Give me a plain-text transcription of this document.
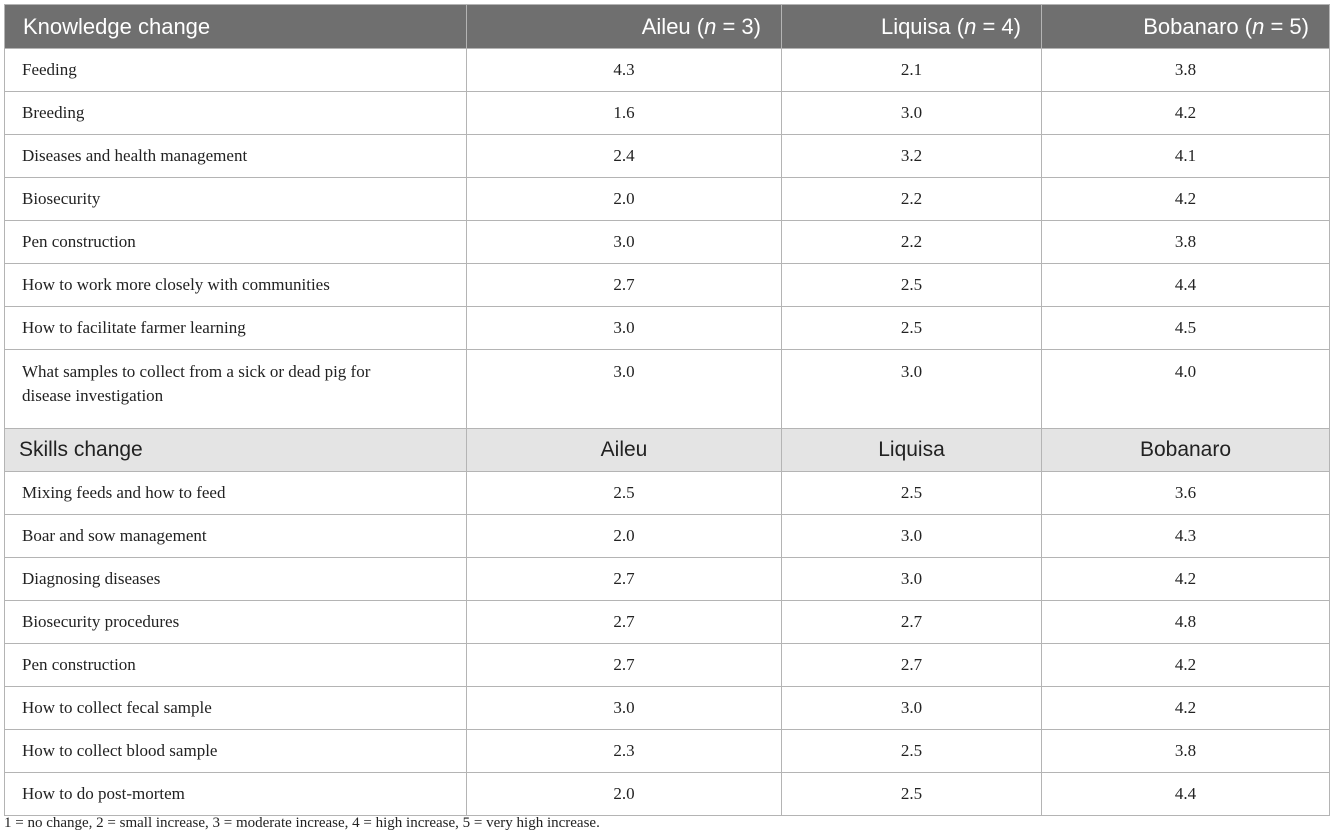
Knowledge change	Aileu (n = 3)	Liquisa (n = 4)	Bobanaro (n = 5)
Feeding	4.3	2.1	3.8
Breeding	1.6	3.0	4.2
Diseases and health management	2.4	3.2	4.1
Biosecurity	2.0	2.2	4.2
Pen construction	3.0	2.2	3.8
How to work more closely with communities	2.7	2.5	4.4
How to facilitate farmer learning	3.0	2.5	4.5
What samples to collect from a sick or dead pig for disease investigation	3.0	3.0	4.0
Skills change	Aileu	Liquisa	Bobanaro
Mixing feeds and how to feed	2.5	2.5	3.6
Boar and sow management	2.0	3.0	4.3
Diagnosing diseases	2.7	3.0	4.2
Biosecurity procedures	2.7	2.7	4.8
Pen construction	2.7	2.7	4.2
How to collect fecal sample	3.0	3.0	4.2
How to collect blood sample	2.3	2.5	3.8
How to do post-mortem	2.0	2.5	4.4
1 = no change, 2 = small increase, 3 = moderate increase, 4 = high increase, 5 = very high increase.
